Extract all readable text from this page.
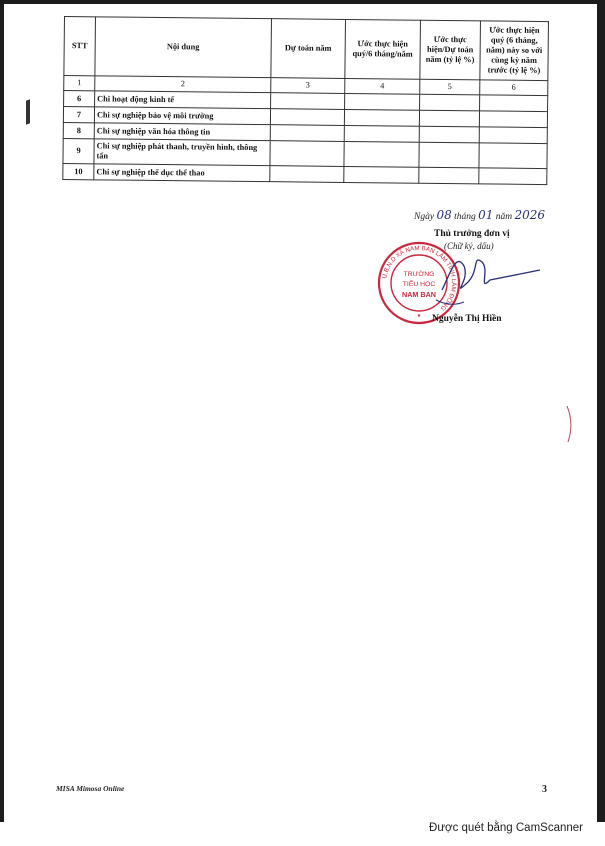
STT	Nội dung	Dự toán năm	Ước thực hiện quý/6 tháng/năm	Ước thực hiện/Dự toán năm (tỷ lệ %)	Ước thực hiện quý (6 tháng, năm) này so với cùng kỳ năm trước (tỷ lệ %)
1	2	3	4	5	6
6	Chi hoạt động kinh tế				
7	Chi sự nghiệp bảo vệ môi trường				
8	Chi sự nghiệp văn hóa thông tin				
9	Chi sự nghiệp phát thanh, truyền hình, thông tấn				
10	Chi sự nghiệp thể dục thể thao				
Ngày 08 tháng 01 năm 2026
Thủ trưởng đơn vị
(Chữ ký, dấu)
U.B.N.D XÃ NAM BAN LÂM TỈNH LÂM ĐỒNG
TRƯỜNG
TIỂU HỌC
NAM BAN
★ Nguyễn Thị Hiền
MISA Mimosa Online	3
Được quét bằng CamScanner
